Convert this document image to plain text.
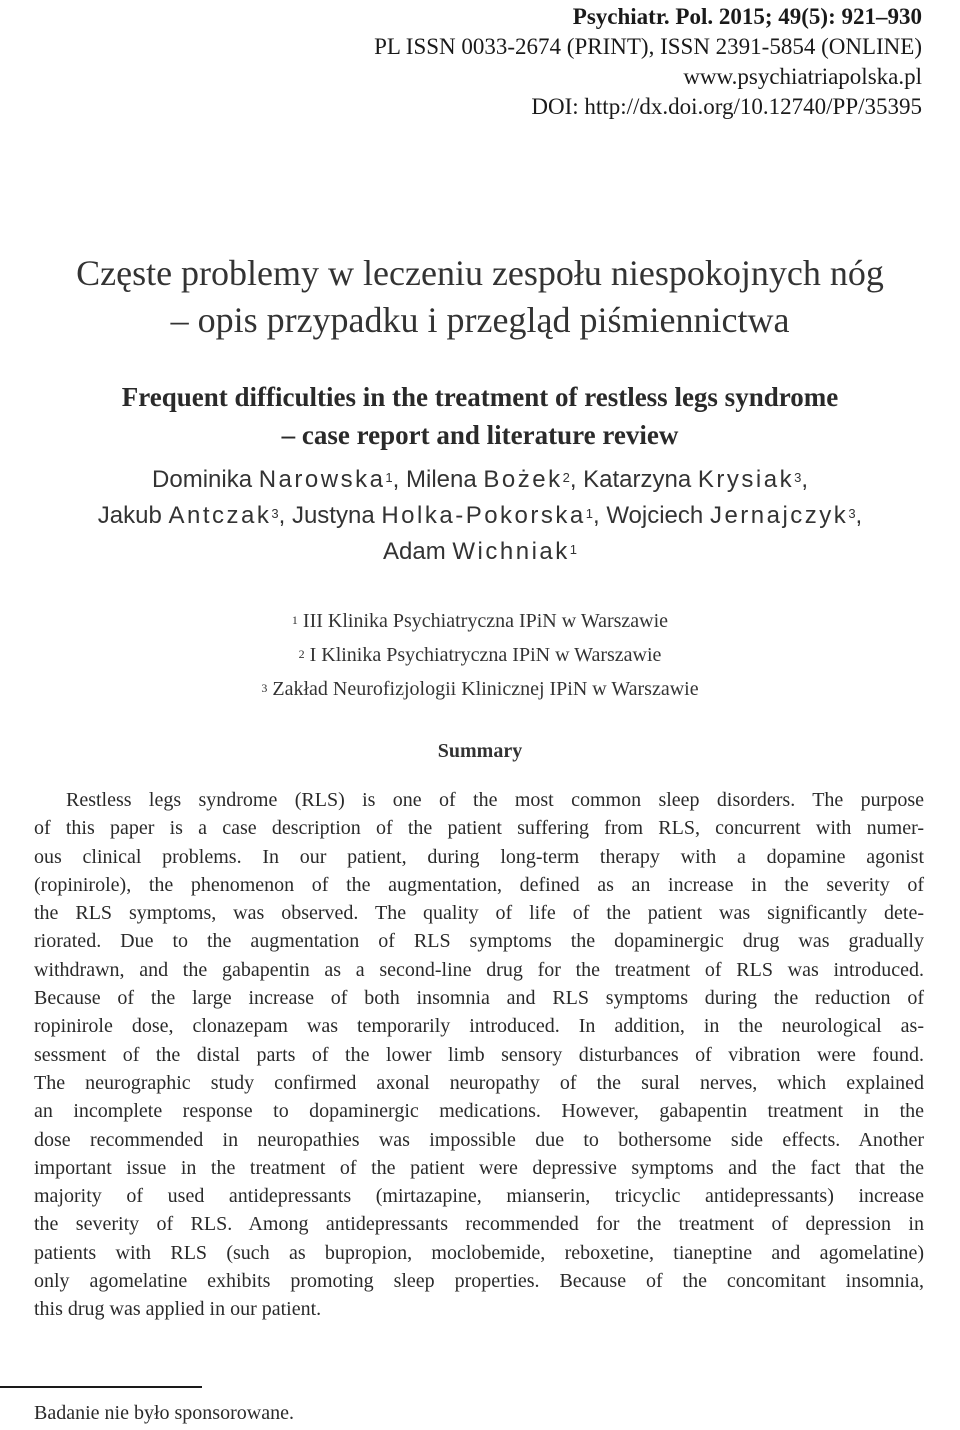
Psychiatr. Pol. 2015; 49(5): 921–930
PL ISSN 0033-2674 (PRINT), ISSN 2391-5854 (ONLINE)
www.psychiatriapolska.pl
DOI: http://dx.doi.org/10.12740/PP/35395
Częste problemy w leczeniu zespołu niespokojnych nóg
– opis przypadku i przegląd piśmiennictwa
Frequent difficulties in the treatment of restless legs syndrome
– case report and literature review
Dominika Narowska$^1$, Milena Bożek$^2$, Katarzyna Krysiak$^3$,
Jakub Antczak$^3$, Justyna Holka-Pokorska$^1$, Wojciech Jernajczyk$^3$,
Adam Wichniak$^1$
$^1$ III Klinika Psychiatryczna IPiN w Warszawie
$^2$ I Klinika Psychiatryczna IPiN w Warszawie
$^3$ Zakład Neurofizjologii Klinicznej IPiN w Warszawie
Summary
Restless legs syndrome (RLS) is one of the most common sleep disorders. The purpose
of this paper is a case description of the patient suffering from RLS, concurrent with numer-
ous clinical problems. In our patient, during long-term therapy with a dopamine agonist
(ropinirole), the phenomenon of the augmentation, defined as an increase in the severity of
the RLS symptoms, was observed. The quality of life of the patient was significantly dete-
riorated. Due to the augmentation of RLS symptoms the dopaminergic drug was gradually
withdrawn, and the gabapentin as a second-line drug for the treatment of RLS was introduced.
Because of the large increase of both insomnia and RLS symptoms during the reduction of
ropinirole dose, clonazepam was temporarily introduced. In addition, in the neurological as-
sessment of the distal parts of the lower limb sensory disturbances of vibration were found.
The neurographic study confirmed axonal neuropathy of the sural nerves, which explained
an incomplete response to dopaminergic medications. However, gabapentin treatment in the
dose recommended in neuropathies was impossible due to bothersome side effects. Another
important issue in the treatment of the patient were depressive symptoms and the fact that the
majority of used antidepressants (mirtazapine, mianserin, tricyclic antidepressants) increase
the severity of RLS. Among antidepressants recommended for the treatment of depression in
patients with RLS (such as bupropion, moclobemide, reboxetine, tianeptine and agomelatine)
only agomelatine exhibits promoting sleep properties. Because of the concomitant insomnia,
this drug was applied in our patient.
Badanie nie było sponsorowane.
